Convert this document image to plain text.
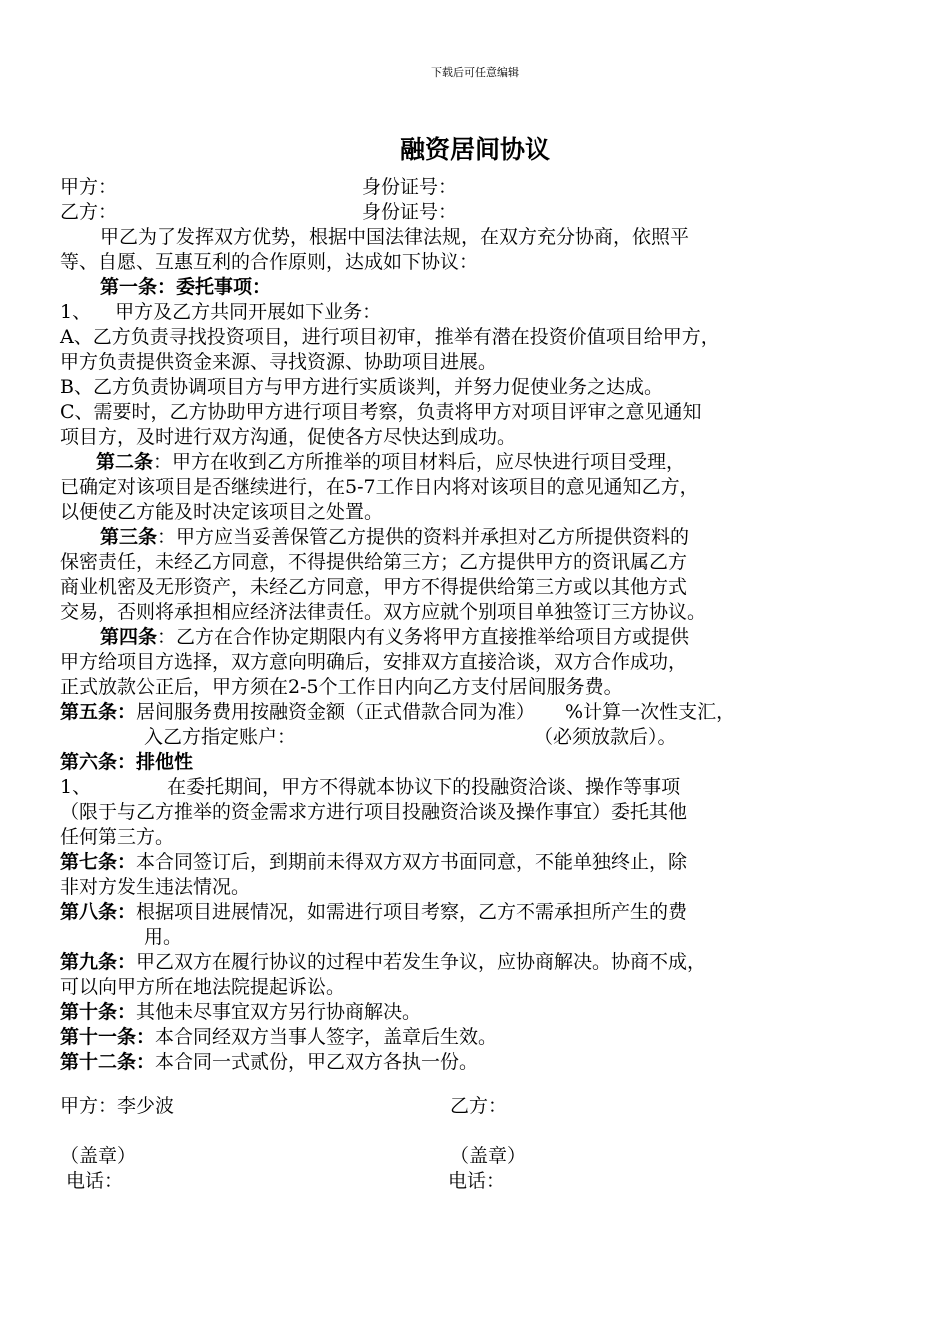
下载后可任意编辑
融资居间协议
甲方：	身份证号：
乙方：	身份证号：
甲乙为了发挥双方优势，根据中国法律法规，在双方充分协商，依照平
等、自愿、互惠互利的合作原则，达成如下协议：
第一条：委托事项：
1、 甲方及乙方共同开展如下业务：
A、乙方负责寻找投资项目，进行项目初审，推举有潜在投资价值项目给甲方，
甲方负责提供资金来源、寻找资源、协助项目进展。
B、乙方负责协调项目方与甲方进行实质谈判，并努力促使业务之达成。
C、需要时，乙方协助甲方进行项目考察，负责将甲方对项目评审之意见通知
项目方，及时进行双方沟通，促使各方尽快达到成功。
第二条：甲方在收到乙方所推举的项目材料后，应尽快进行项目受理，
已确定对该项目是否继续进行，在5-7工作日内将对该项目的意见通知乙方，
以便使乙方能及时决定该项目之处置。
第三条：甲方应当妥善保管乙方提供的资料并承担对乙方所提供资料的
保密责任，未经乙方同意，不得提供给第三方；乙方提供甲方的资讯属乙方
商业机密及无形资产，未经乙方同意，甲方不得提供给第三方或以其他方式
交易，否则将承担相应经济法律责任。双方应就个别项目单独签订三方协议。
第四条：乙方在合作协定期限内有义务将甲方直接推举给项目方或提供
甲方给项目方选择，双方意向明确后，安排双方直接洽谈，双方合作成功，
正式放款公正后，甲方须在2-5个工作日内向乙方支付居间服务费。
第五条：居间服务费用按融资金额（正式借款合同为准） %计算一次性支汇，
入乙方指定账户：	（必须放款后）。
第六条：排他性
1、	在委托期间，甲方不得就本协议下的投融资洽谈、操作等事项
（限于与乙方推举的资金需求方进行项目投融资洽谈及操作事宜）委托其他
任何第三方。
第七条：本合同签订后，到期前未得双方双方书面同意，不能单独终止，除
非对方发生违法情况。
第八条：根据项目进展情况，如需进行项目考察，乙方不需承担所产生的费
用。
第九条：甲乙双方在履行协议的过程中若发生争议，应协商解决。协商不成，
可以向甲方所在地法院提起诉讼。
第十条：其他未尽事宜双方另行协商解决。
第十一条：本合同经双方当事人签字，盖章后生效。
第十二条：本合同一式贰份，甲乙双方各执一份。
甲方：李少波	乙方：
（盖章）	（盖章）
电话：	电话：
